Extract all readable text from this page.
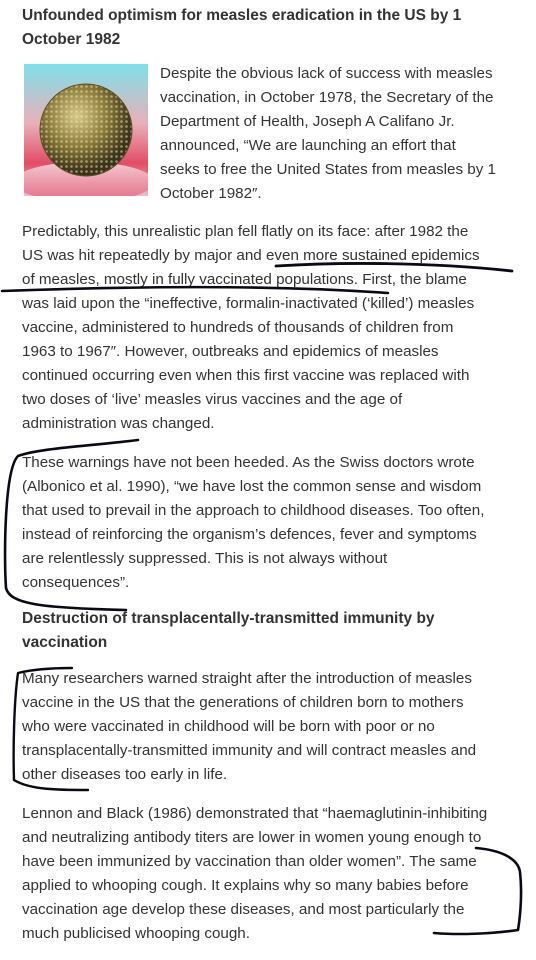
Unfounded optimism for measles eradication in the US by 1
October 1982
Despite the obvious lack of success with measles
vaccination, in October 1978, the Secretary of the
Department of Health, Joseph A Califano Jr.
announced, “We are launching an effort that
seeks to free the United States from measles by 1
October 1982″.
Predictably, this unrealistic plan fell flatly on its face: after 1982 the
US was hit repeatedly by major and even more sustained epidemics
of measles, mostly in fully vaccinated populations. First, the blame
was laid upon the “ineffective, formalin-inactivated (‘killed’) measles
vaccine, administered to hundreds of thousands of children from
1963 to 1967″. However, outbreaks and epidemics of measles
continued occurring even when this first vaccine was replaced with
two doses of ‘live’ measles virus vaccines and the age of
administration was changed.
These warnings have not been heeded. As the Swiss doctors wrote
(Albonico et al. 1990), “we have lost the common sense and wisdom
that used to prevail in the approach to childhood diseases. Too often,
instead of reinforcing the organism’s defences, fever and symptoms
are relentlessly suppressed. This is not always without
consequences”.
Destruction of transplacentally-transmitted immunity by
vaccination
Many researchers warned straight after the introduction of measles
vaccine in the US that the generations of children born to mothers
who were vaccinated in childhood will be born with poor or no
transplacentally-transmitted immunity and will contract measles and
other diseases too early in life.
Lennon and Black (1986) demonstrated that “haemaglutinin-inhibiting
and neutralizing antibody titers are lower in women young enough to
have been immunized by vaccination than older women”. The same
applied to whooping cough. It explains why so many babies before
vaccination age develop these diseases, and most particularly the
much publicised whooping cough.
